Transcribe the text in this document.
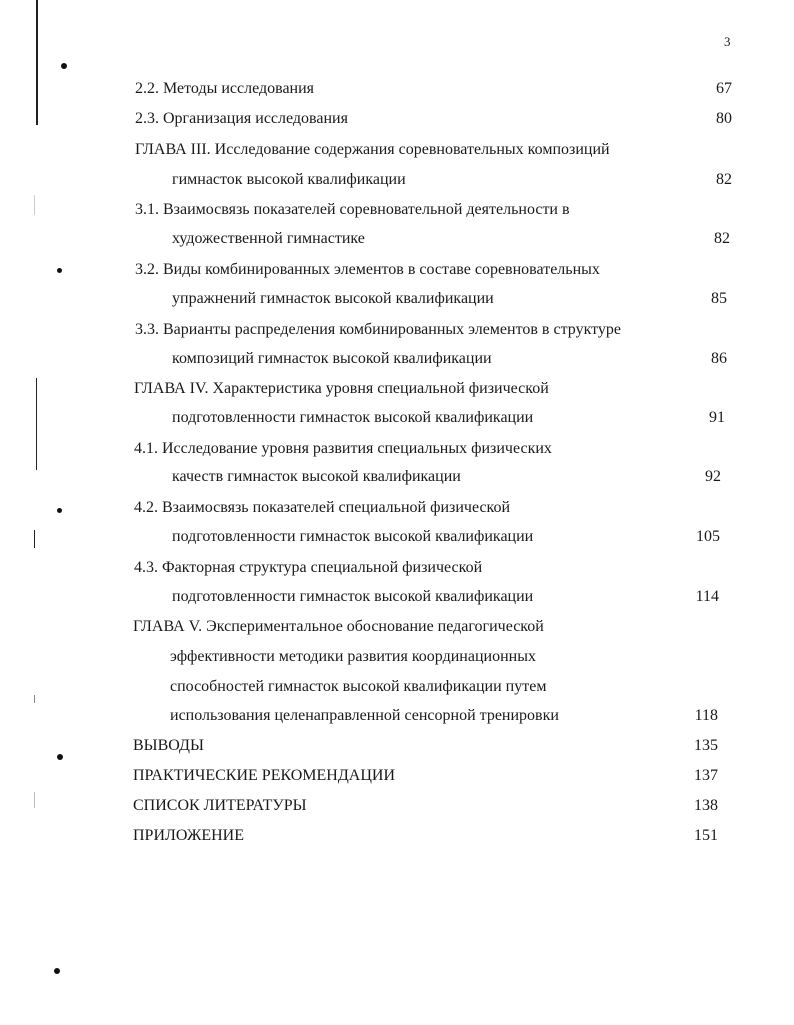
3
2.2. Методы исследования	67
2.3. Организация исследования	80
ГЛАВА III. Исследование содержания соревновательных композиций
гимнасток высокой квалификации	82
3.1. Взаимосвязь показателей соревновательной деятельности в
художественной гимнастике	82
3.2. Виды комбинированных элементов в составе соревновательных
упражнений гимнасток высокой квалификации	85
3.3. Варианты распределения комбинированных элементов в структуре
композиций гимнасток высокой квалификации	86
ГЛАВА IV. Характеристика уровня специальной физической
подготовленности гимнасток высокой квалификации	91
4.1. Исследование уровня развития специальных физических
качеств гимнасток высокой квалификации	92
4.2. Взаимосвязь показателей специальной физической
подготовленности гимнасток высокой квалификации	105
4.3. Факторная структура специальной физической
подготовленности гимнасток высокой квалификации	114
ГЛАВА V. Экспериментальное обоснование педагогической
эффективности методики развития координационных
способностей гимнасток высокой квалификации путем
использования целенаправленной сенсорной тренировки	118
ВЫВОДЫ	135
ПРАКТИЧЕСКИЕ РЕКОМЕНДАЦИИ	137
СПИСОК ЛИТЕРАТУРЫ	138
ПРИЛОЖЕНИЕ	151
